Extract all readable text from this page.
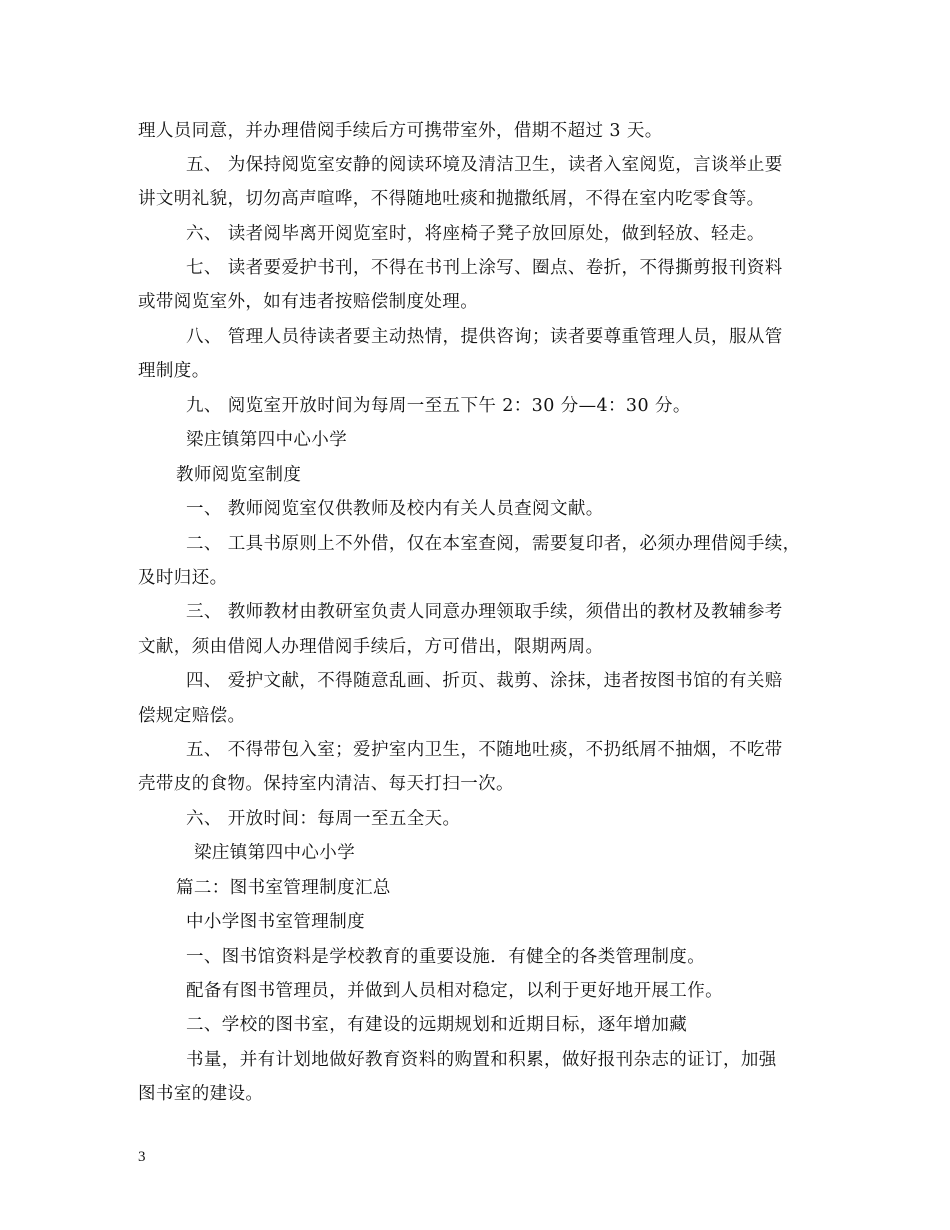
理人员同意，并办理借阅手续后方可携带室外，借期不超过 3 天。
五、 为保持阅览室安静的阅读环境及清洁卫生，读者入室阅览，言谈举止要
讲文明礼貌，切勿高声喧哗，不得随地吐痰和抛撒纸屑，不得在室内吃零食等。
六、 读者阅毕离开阅览室时，将座椅子凳子放回原处，做到轻放、轻走。
七、 读者要爱护书刊，不得在书刊上涂写、圈点、卷折，不得撕剪报刊资料
或带阅览室外，如有违者按赔偿制度处理。
八、 管理人员待读者要主动热情，提供咨询；读者要尊重管理人员，服从管
理制度。
九、 阅览室开放时间为每周一至五下午 2：30 分—4：30 分。
梁庄镇第四中心小学
教师阅览室制度
一、 教师阅览室仅供教师及校内有关人员查阅文献。
二、 工具书原则上不外借，仅在本室查阅，需要复印者，必须办理借阅手续，
及时归还。
三、 教师教材由教研室负责人同意办理领取手续，须借出的教材及教辅参考
文献，须由借阅人办理借阅手续后，方可借出，限期两周。
四、 爱护文献，不得随意乱画、折页、裁剪、涂抹，违者按图书馆的有关赔
偿规定赔偿。
五、 不得带包入室；爱护室内卫生，不随地吐痰，不扔纸屑不抽烟，不吃带
壳带皮的食物。保持室内清洁、每天打扫一次。
六、 开放时间：每周一至五全天。
梁庄镇第四中心小学
篇二：图书室管理制度汇总
中小学图书室管理制度
一、图书馆资料是学校教育的重要设施．有健全的各类管理制度。
配备有图书管理员，并做到人员相对稳定，以利于更好地开展工作。
二、学校的图书室，有建设的远期规划和近期目标，逐年增加藏
书量，并有计划地做好教育资料的购置和积累，做好报刊杂志的证订，加强
图书室的建设。
3
